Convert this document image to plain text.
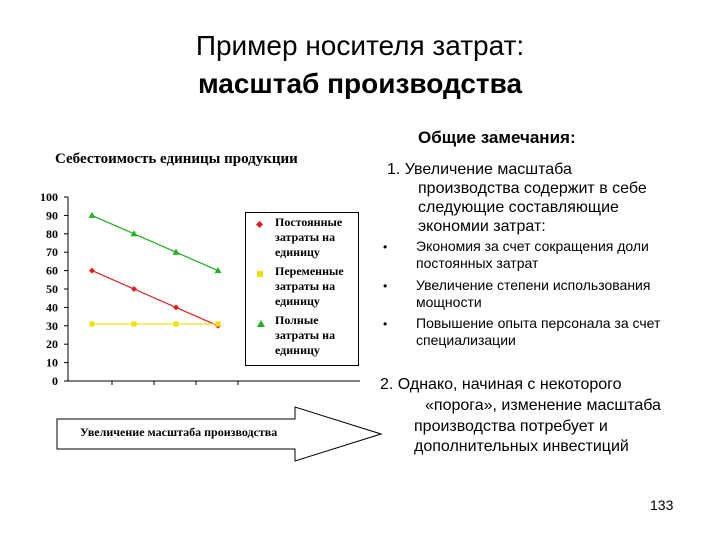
Пример носителя затрат:
масштаб производства
Себестоимость единицы продукции
0
10
20
30
40
50
60
70
80
90
100
Постоянные
затраты на
единицу
Переменные
затраты на
единицу
Полные
затраты на
единицу
Увеличение масштаба производства
Общие замечания:
1. Увеличение масштаба
производства содержит в себе
следующие составляющие
экономии затрат:
• Экономия за счет сокращения доли
постоянных затрат
• Увеличение степени использования
мощности
• Повышение опыта персонала за счет
специализации
2. Однако, начиная с некоторого
«порога», изменение масштаба
производства потребует и
дополнительных инвестиций
133
